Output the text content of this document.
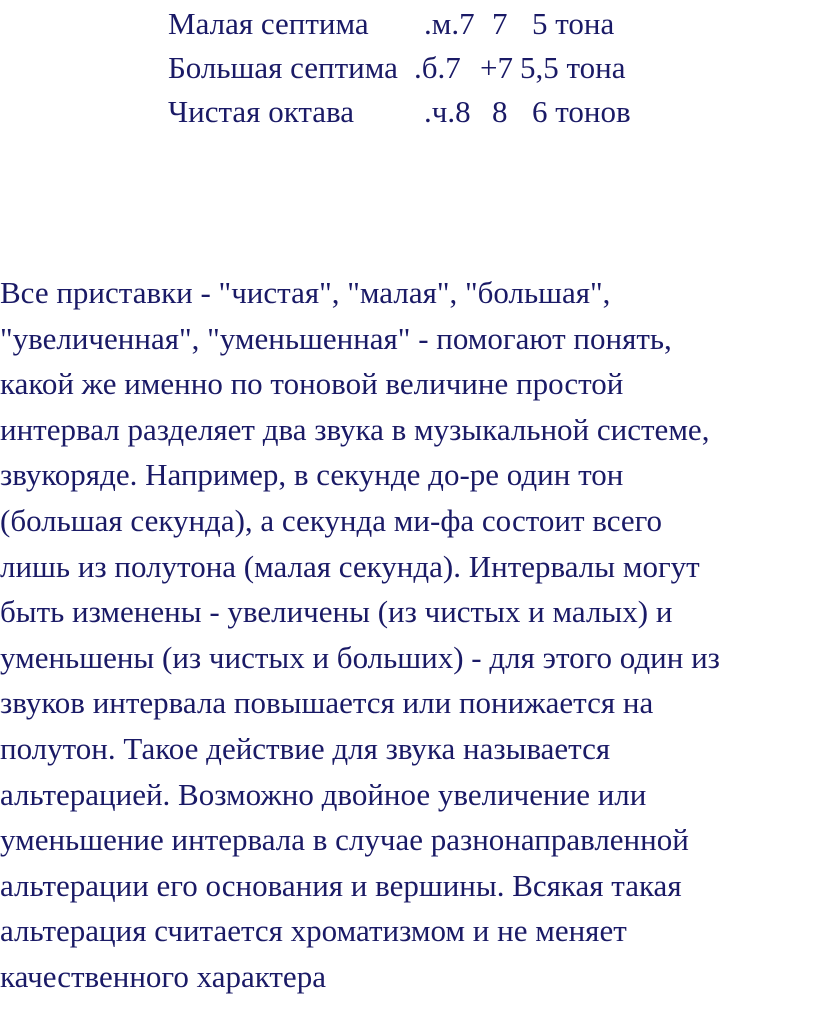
Малая септима

.м.7

7

5 тона

Большая септима

.б.7

+7

5,5 тона

Чистая октава

.ч.8

8

6 тонов

Все приставки - "чистая", "малая", "большая",
"увеличенная", "уменьшенная" - помогают понять,
какой же именно по тоновой величине простой
интервал разделяет два звука в музыкальной системе,
звукоряде. Например, в секунде до-ре один тон
(большая секунда), а секунда ми-фа состоит всего
лишь из полутона (малая секунда). Интервалы могут
быть изменены - увеличены (из чистых и малых) и
уменьшены (из чистых и больших) - для этого один из
звуков интервала повышается или понижается на
полутон. Такое действие для звука называется
альтерацией. Возможно двойное увеличение или
уменьшение интервала в случае разнонаправленной
альтерации его основания и вершины. Всякая такая
альтерация считается хроматизмом и не меняет
качественного характера
